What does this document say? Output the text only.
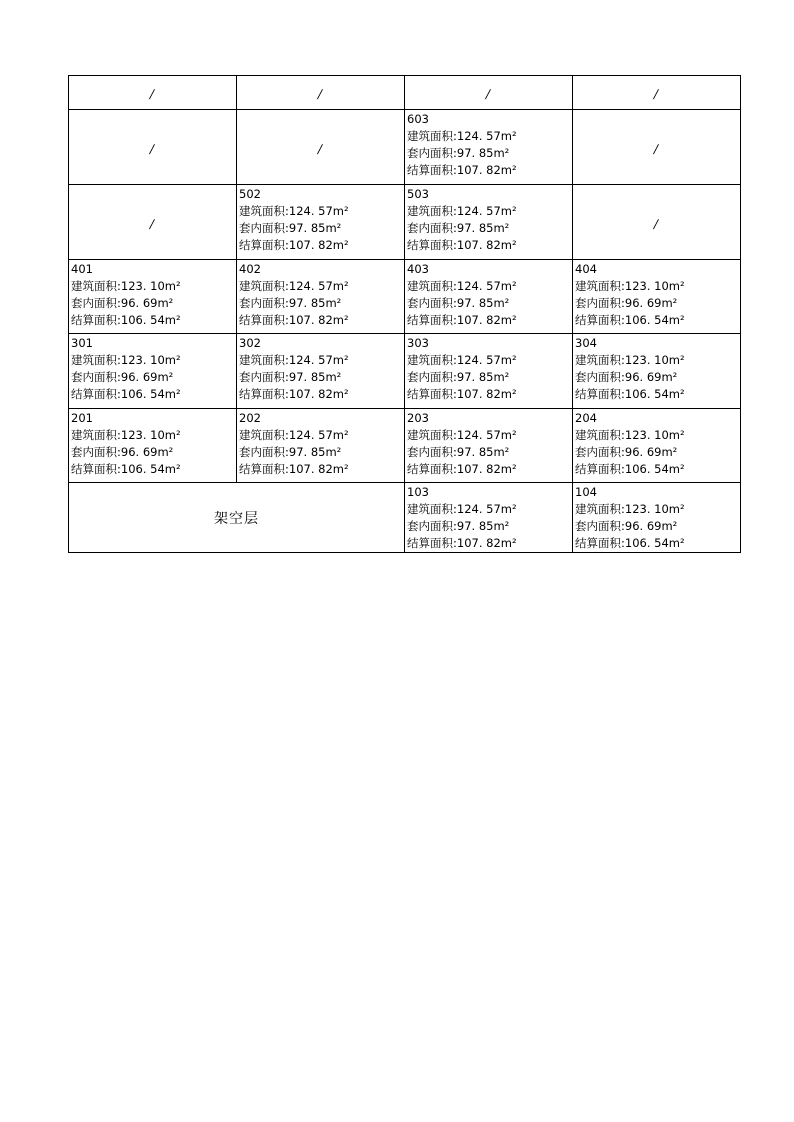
/	/	/	/
/	/	603
建筑面积:124. 57m²
套内面积:97. 85m²
结算面积:107. 82m²	/
/	502
建筑面积:124. 57m²
套内面积:97. 85m²
结算面积:107. 82m²	503
建筑面积:124. 57m²
套内面积:97. 85m²
结算面积:107. 82m²	/

401
建筑面积:123. 10m²
套内面积:96. 69m²
结算面积:106. 54m²	402
建筑面积:124. 57m²
套内面积:97. 85m²
结算面积:107. 82m²	403
建筑面积:124. 57m²
套内面积:97. 85m²
结算面积:107. 82m²	404
建筑面积:123. 10m²
套内面积:96. 69m²
结算面积:106. 54m²

301
建筑面积:123. 10m²
套内面积:96. 69m²
结算面积:106. 54m²	302
建筑面积:124. 57m²
套内面积:97. 85m²
结算面积:107. 82m²	303
建筑面积:124. 57m²
套内面积:97. 85m²
结算面积:107. 82m²	304
建筑面积:123. 10m²
套内面积:96. 69m²
结算面积:106. 54m²

201
建筑面积:123. 10m²
套内面积:96. 69m²
结算面积:106. 54m²	202
建筑面积:124. 57m²
套内面积:97. 85m²
结算面积:107. 82m²	203
建筑面积:124. 57m²
套内面积:97. 85m²
结算面积:107. 82m²	204
建筑面积:123. 10m²
套内面积:96. 69m²
结算面积:106. 54m²

架空层		103
建筑面积:124. 57m²
套内面积:97. 85m²
结算面积:107. 82m²	104
建筑面积:123. 10m²
套内面积:96. 69m²
结算面积:106. 54m²
